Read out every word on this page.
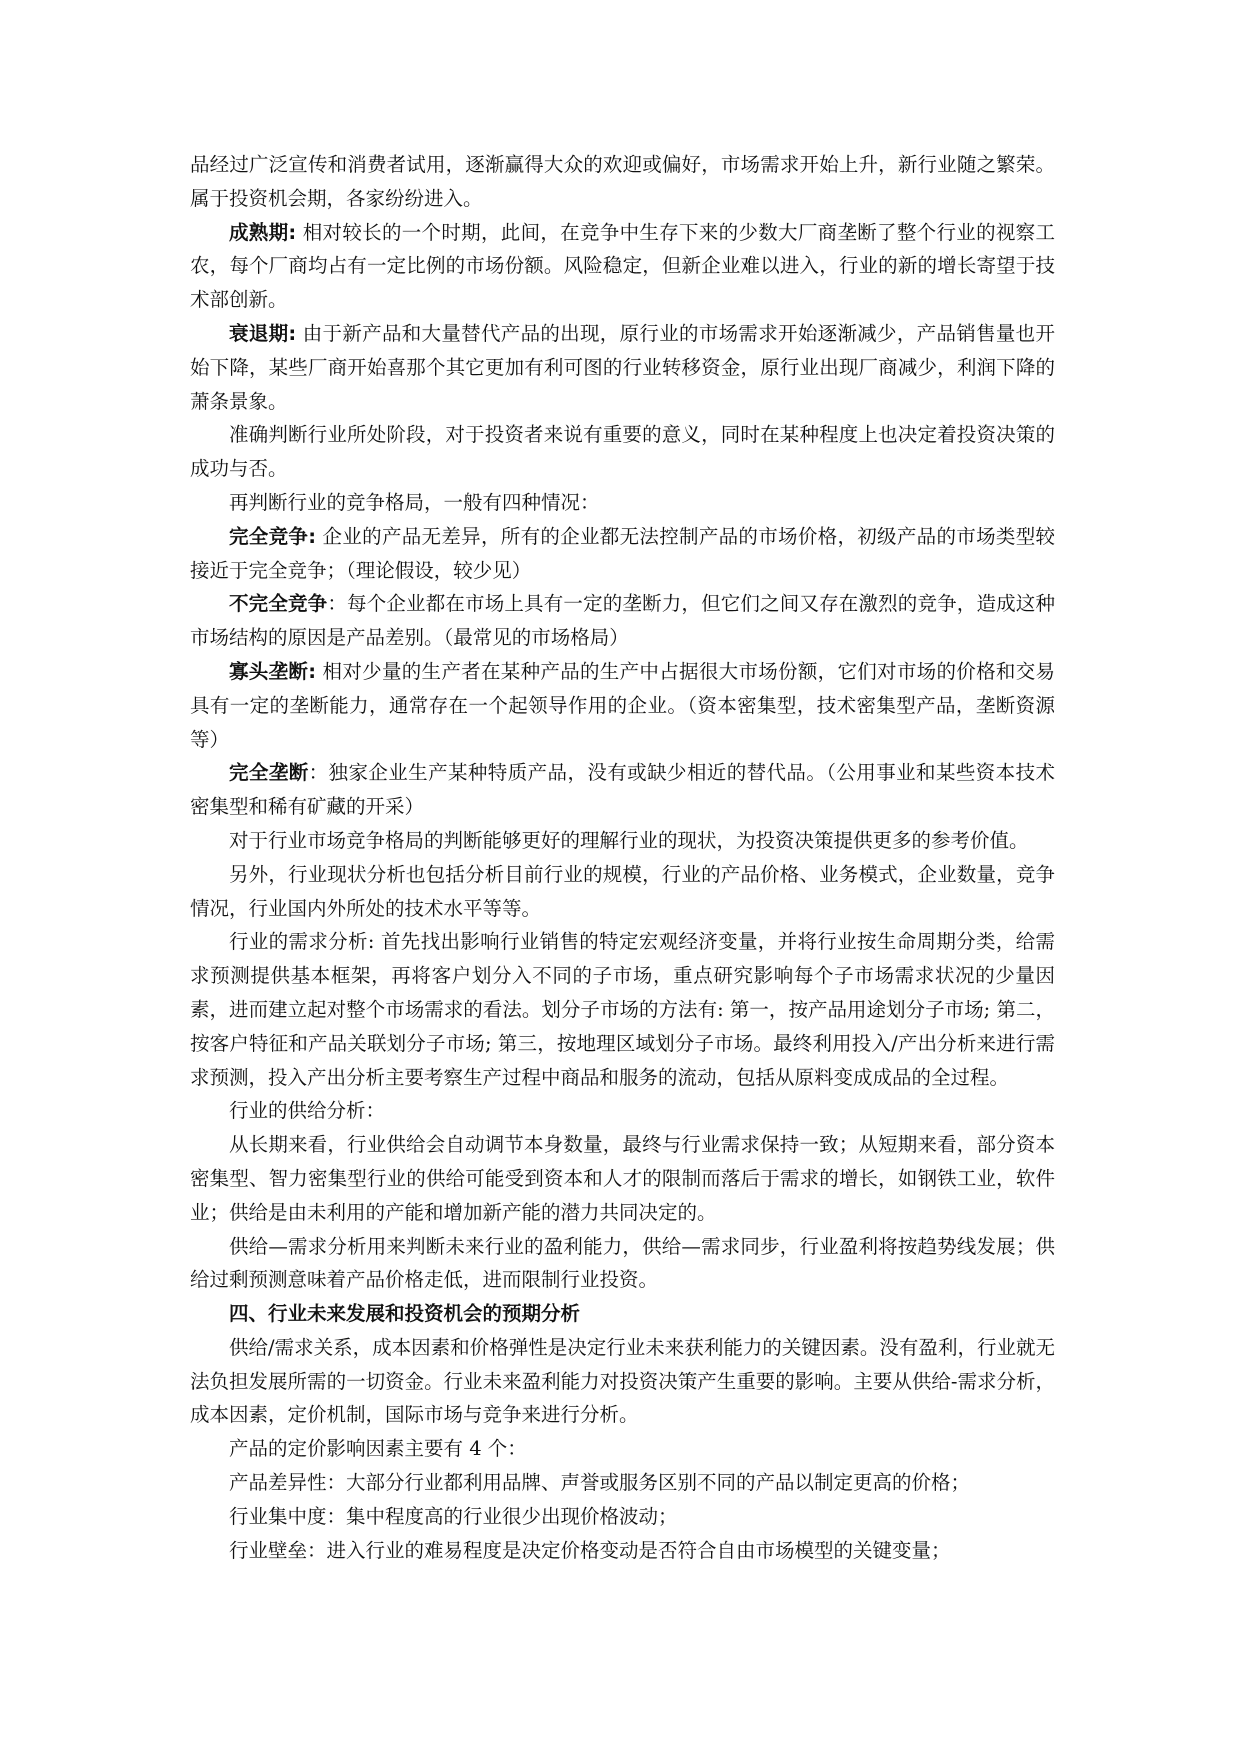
品经过广泛宣传和消费者试用，逐渐赢得大众的欢迎或偏好，市场需求开始上升，新行业随之繁荣。属于投资机会期，各家纷纷进入。

成熟期: 相对较长的一个时期，此间，在竞争中生存下来的少数大厂商垄断了整个行业的视察工农，每个厂商均占有一定比例的市场份额。风险稳定，但新企业难以进入，行业的新的增长寄望于技术部创新。

衰退期: 由于新产品和大量替代产品的出现，原行业的市场需求开始逐渐减少，产品销售量也开始下降，某些厂商开始喜那个其它更加有利可图的行业转移资金，原行业出现厂商减少，利润下降的萧条景象。

准确判断行业所处阶段，对于投资者来说有重要的意义，同时在某种程度上也决定着投资决策的成功与否。

再判断行业的竞争格局，一般有四种情况：

完全竞争: 企业的产品无差异，所有的企业都无法控制产品的市场价格，初级产品的市场类型较接近于完全竞争；（理论假设，较少见）

不完全竞争：每个企业都在市场上具有一定的垄断力，但它们之间又存在激烈的竞争，造成这种市场结构的原因是产品差别。（最常见的市场格局）

寡头垄断: 相对少量的生产者在某种产品的生产中占据很大市场份额，它们对市场的价格和交易具有一定的垄断能力，通常存在一个起领导作用的企业。（资本密集型，技术密集型产品，垄断资源等）

完全垄断：独家企业生产某种特质产品，没有或缺少相近的替代品。（公用事业和某些资本技术密集型和稀有矿藏的开采）

对于行业市场竞争格局的判断能够更好的理解行业的现状，为投资决策提供更多的参考价值。

另外，行业现状分析也包括分析目前行业的规模，行业的产品价格、业务模式，企业数量，竞争情况，行业国内外所处的技术水平等等。

行业的需求分析: 首先找出影响行业销售的特定宏观经济变量，并将行业按生命周期分类，给需求预测提供基本框架，再将客户划分入不同的子市场，重点研究影响每个子市场需求状况的少量因素，进而建立起对整个市场需求的看法。划分子市场的方法有: 第一，按产品用途划分子市场; 第二，按客户特征和产品关联划分子市场; 第三，按地理区域划分子市场。最终利用投入/产出分析来进行需求预测，投入产出分析主要考察生产过程中商品和服务的流动，包括从原料变成成品的全过程。

行业的供给分析：

从长期来看，行业供给会自动调节本身数量，最终与行业需求保持一致；从短期来看，部分资本密集型、智力密集型行业的供给可能受到资本和人才的限制而落后于需求的增长，如钢铁工业，软件业；供给是由未利用的产能和增加新产能的潜力共同决定的。

供给—需求分析用来判断未来行业的盈利能力，供给—需求同步，行业盈利将按趋势线发展；供给过剩预测意味着产品价格走低，进而限制行业投资。

四、行业未来发展和投资机会的预期分析

供给/需求关系，成本因素和价格弹性是决定行业未来获利能力的关键因素。没有盈利，行业就无法负担发展所需的一切资金。行业未来盈利能力对投资决策产生重要的影响。主要从供给-需求分析，成本因素，定价机制，国际市场与竞争来进行分析。

产品的定价影响因素主要有 4 个：

产品差异性：大部分行业都利用品牌、声誉或服务区别不同的产品以制定更高的价格；

行业集中度：集中程度高的行业很少出现价格波动；

行业壁垒：进入行业的难易程度是决定价格变动是否符合自由市场模型的关键变量；
